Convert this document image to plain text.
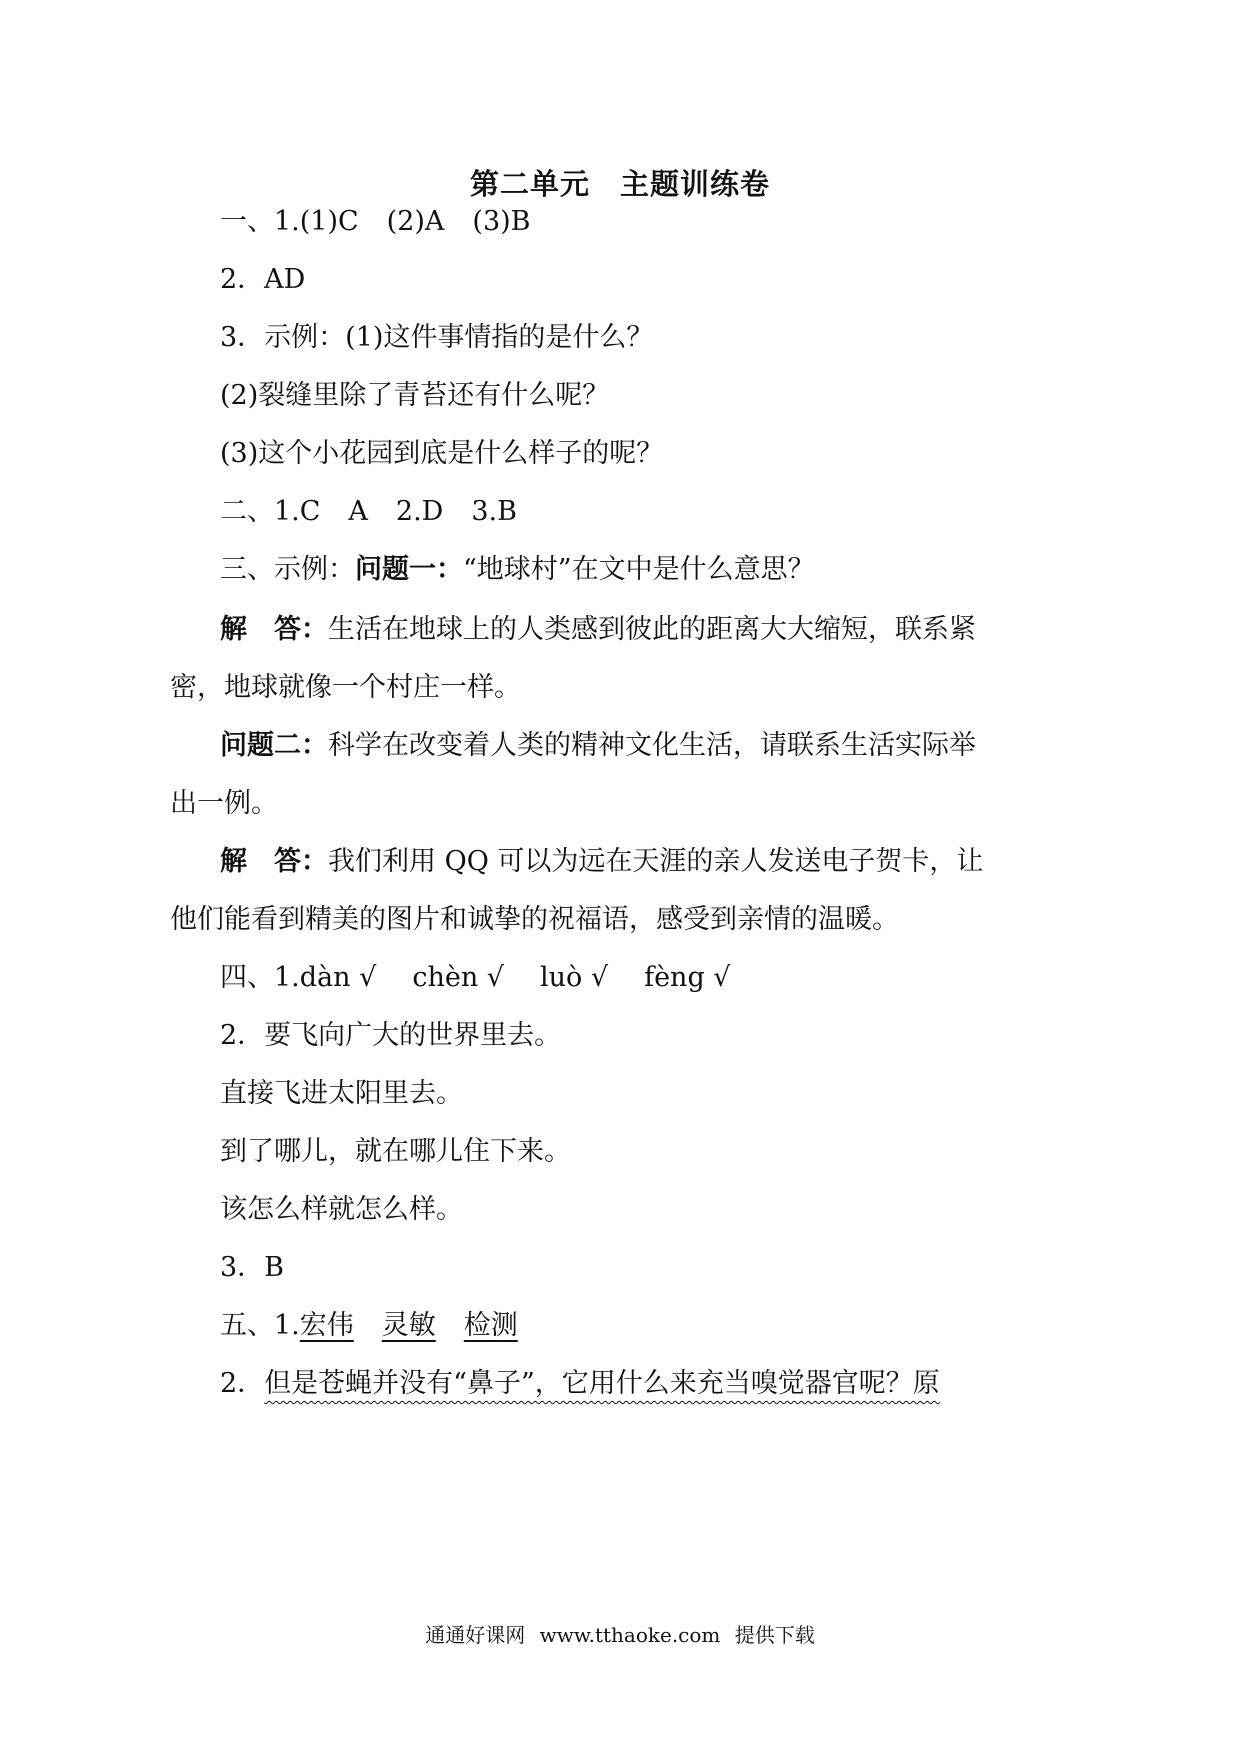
第二单元　主题训练卷
一、1.(1)C (2)A (3)B
2．AD
3．示例：(1)这件事情指的是什么？
(2)裂缝里除了青苔还有什么呢？
(3)这个小花园到底是什么样子的呢？
二、1.C A 2.D 3.B
三、示例：问题一：“地球村”在文中是什么意思？
解　答：生活在地球上的人类感到彼此的距离大大缩短，联系紧
密，地球就像一个村庄一样。
问题二：科学在改变着人类的精神文化生活，请联系生活实际举
出一例。
解　答：我们利用 QQ 可以为远在天涯的亲人发送电子贺卡，让
他们能看到精美的图片和诚挚的祝福语，感受到亲情的温暖。
四、1.dàn √ chèn √ luò √ fèng √
2．要飞向广大的世界里去。
直接飞进太阳里去。
到了哪儿，就在哪儿住下来。
该怎么样就怎么样。
3．B
五、1.宏伟 灵敏 检测
2．但是苍蝇并没有“鼻子”，它用什么来充当嗅觉器官呢？原
通通好课网 www.tthaoke.com 提供下载
